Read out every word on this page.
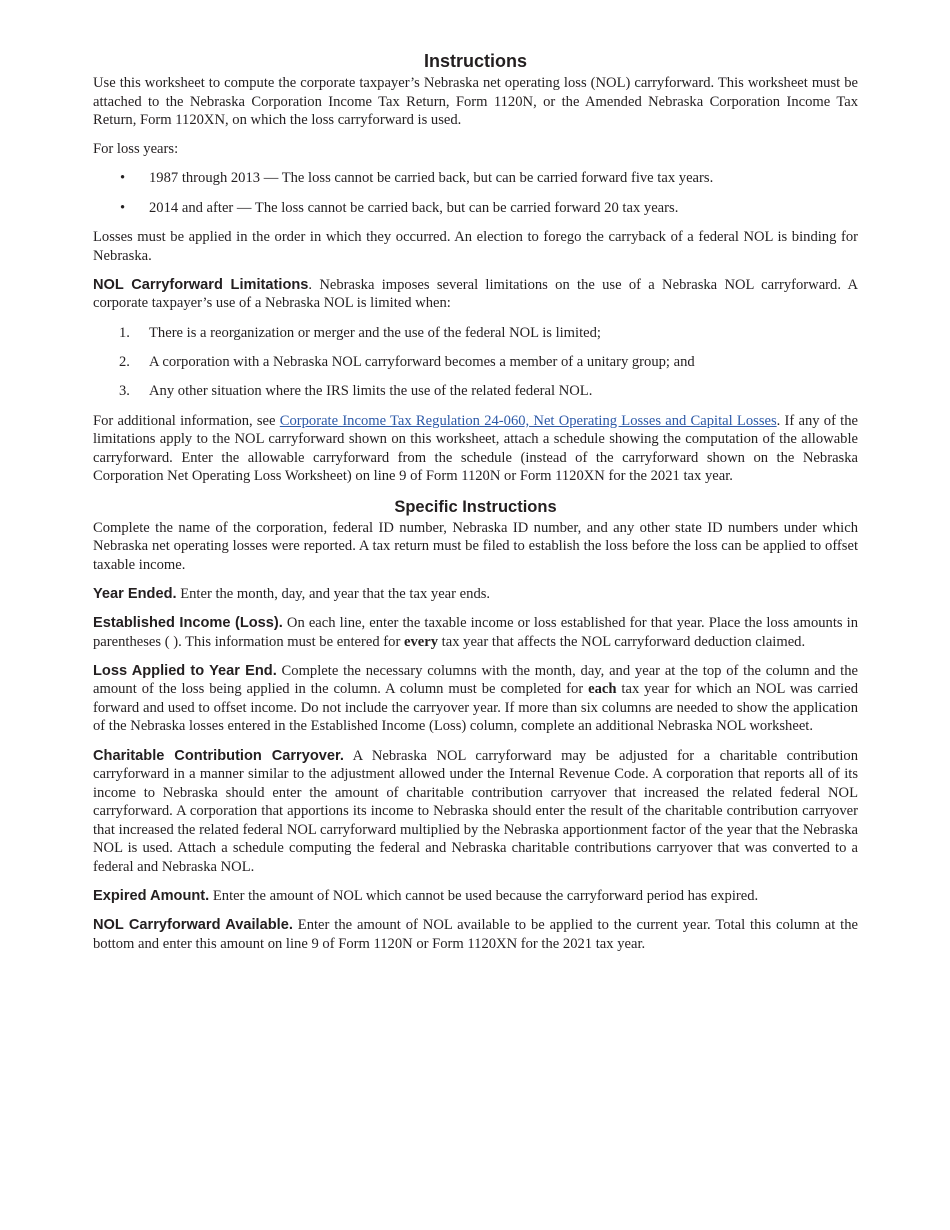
Instructions

Use this worksheet to compute the corporate taxpayer’s Nebraska net operating loss (NOL) carryforward. This worksheet must be attached to the Nebraska Corporation Income Tax Return, Form 1120N, or the Amended Nebraska Corporation Income Tax Return, Form 1120XN, on which the loss carryforward is used.

For loss years:

• 1987 through 2013 — The loss cannot be carried back, but can be carried forward five tax years.
• 2014 and after — The loss cannot be carried back, but can be carried forward 20 tax years.

Losses must be applied in the order in which they occurred. An election to forego the carryback of a federal NOL is binding for Nebraska.

NOL Carryforward Limitations. Nebraska imposes several limitations on the use of a Nebraska NOL carryforward. A corporate taxpayer’s use of a Nebraska NOL is limited when:

1. There is a reorganization or merger and the use of the federal NOL is limited;
2. A corporation with a Nebraska NOL carryforward becomes a member of a unitary group; and
3. Any other situation where the IRS limits the use of the related federal NOL.

For additional information, see Corporate Income Tax Regulation 24-060, Net Operating Losses and Capital Losses. If any of the limitations apply to the NOL carryforward shown on this worksheet, attach a schedule showing the computation of the allowable carryforward. Enter the allowable carryforward from the schedule (instead of the carryforward shown on the Nebraska Corporation Net Operating Loss Worksheet) on line 9 of Form 1120N or Form 1120XN for the 2021 tax year.

Specific Instructions

Complete the name of the corporation, federal ID number, Nebraska ID number, and any other state ID numbers under which Nebraska net operating losses were reported. A tax return must be filed to establish the loss before the loss can be applied to offset taxable income.

Year Ended. Enter the month, day, and year that the tax year ends.

Established Income (Loss). On each line, enter the taxable income or loss established for that year. Place the loss amounts in parentheses ( ). This information must be entered for every tax year that affects the NOL carryforward deduction claimed.

Loss Applied to Year End. Complete the necessary columns with the month, day, and year at the top of the column and the amount of the loss being applied in the column. A column must be completed for each tax year for which an NOL was carried forward and used to offset income. Do not include the carryover year. If more than six columns are needed to show the application of the Nebraska losses entered in the Established Income (Loss) column, complete an additional Nebraska NOL worksheet.

Charitable Contribution Carryover. A Nebraska NOL carryforward may be adjusted for a charitable contribution carryforward in a manner similar to the adjustment allowed under the Internal Revenue Code. A corporation that reports all of its income to Nebraska should enter the amount of charitable contribution carryover that increased the related federal NOL carryforward. A corporation that apportions its income to Nebraska should enter the result of the charitable contribution carryover that increased the related federal NOL carryforward multiplied by the Nebraska apportionment factor of the year that the Nebraska NOL is used. Attach a schedule computing the federal and Nebraska charitable contributions carryover that was converted to a federal and Nebraska NOL.

Expired Amount. Enter the amount of NOL which cannot be used because the carryforward period has expired.

NOL Carryforward Available. Enter the amount of NOL available to be applied to the current year. Total this column at the bottom and enter this amount on line 9 of Form 1120N or Form 1120XN for the 2021 tax year.
